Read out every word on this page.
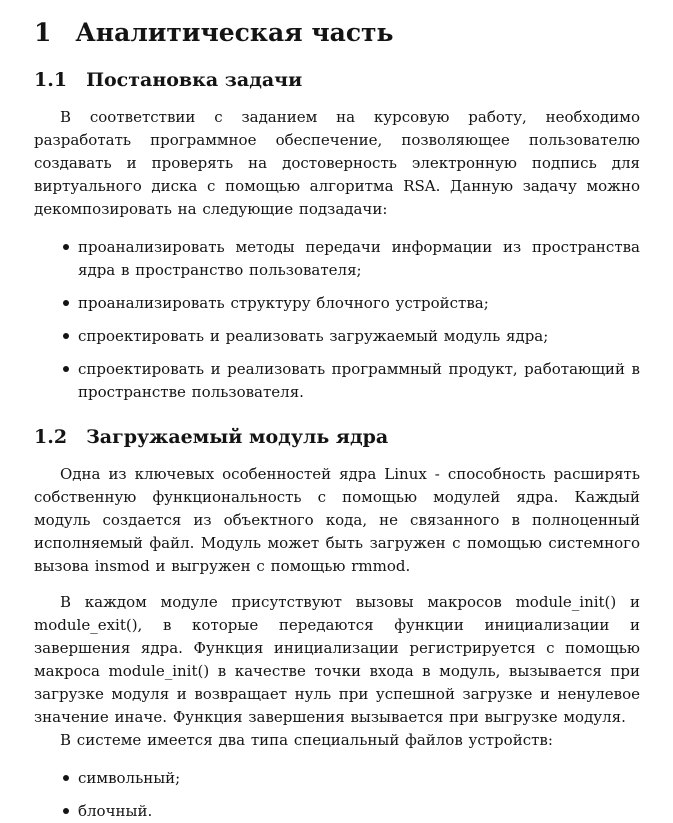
1 Аналитическая часть
1.1 Постановка задачи

В соответствии с заданием на курсовую работу, необходимо разработать программное обеспечение, позволяющее пользователю создавать и проверять на достоверность электронную подпись для виртуального диска с помощью алгоритма RSA. Данную задачу можно декомпозировать на следующие подзадачи:

проанализировать методы передачи информации из пространства ядра в пространство пользователя;
проанализировать структуру блочного устройства;
спроектировать и реализовать загружаемый модуль ядра;
спроектировать и реализовать программный продукт, работающий в пространстве пользователя.
1.2 Загружаемый модуль ядра

Одна из ключевых особенностей ядра Linux - способность расширять собственную функциональность с помощью модулей ядра. Каждый модуль создается из объектного кода, не связанного в полноценный исполняемый файл. Модуль может быть загружен с помощью системного вызова insmod и выгружен с помощью rmmod.

В каждом модуле присутствуют вызовы макросов module_init() и module_exit(), в которые передаются функции инициализации и завершения ядра. Функция инициализации регистрируется с помощью макроса module_init() в качестве точки входа в модуль, вызывается при загрузке модуля и возвращает нуль при успешной загрузке и ненулевое значение иначе. Функция завершения вызывается при выгрузке модуля.

В системе имеется два типа специальный файлов устройств:

символьный;
блочный.
